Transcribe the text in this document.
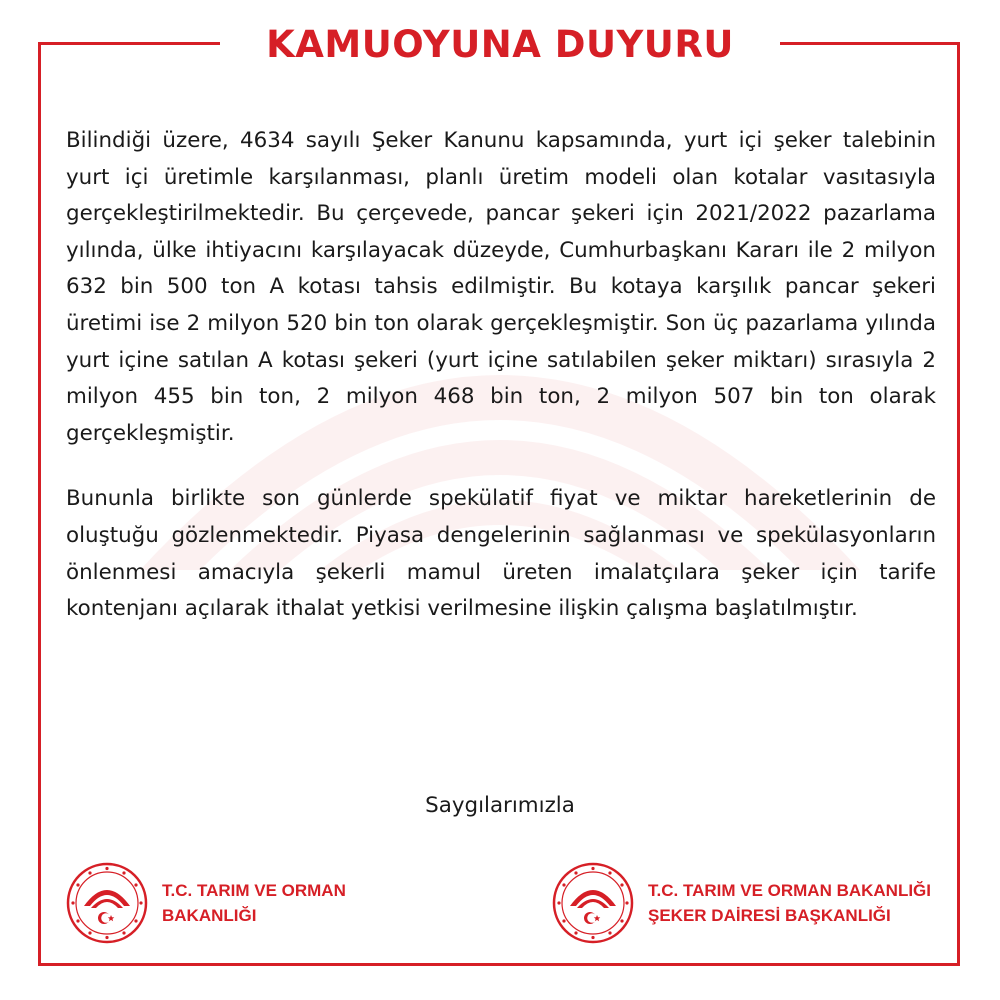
KAMUOYUNA DUYURU

Bilindiği üzere, 4634 sayılı Şeker Kanunu kapsamında, yurt içi şeker talebinin yurt içi üretimle karşılanması, planlı üretim modeli olan kotalar vasıtasıyla gerçekleştirilmektedir. Bu çerçevede, pancar şekeri için 2021/2022 pazarlama yılında, ülke ihtiyacını karşılayacak düzeyde, Cumhurbaşkanı Kararı ile 2 milyon 632 bin 500 ton A kotası tahsis edilmiştir. Bu kotaya karşılık pancar şekeri üretimi ise 2 milyon 520 bin ton olarak gerçekleşmiştir. Son üç pazarlama yılında yurt içine satılan A kotası şekeri (yurt içine satılabilen şeker miktarı) sırasıyla 2 milyon 455 bin ton, 2 milyon 468 bin ton, 2 milyon 507 bin ton olarak gerçekleşmiştir.

Bununla birlikte son günlerde spekülatif fiyat ve miktar hareketlerinin de oluştuğu gözlenmektedir. Piyasa dengelerinin sağlanması ve spekülasyonların önlenmesi amacıyla şekerli mamul üreten imalatçılara şeker için tarife kontenjanı açılarak ithalat yetkisi verilmesine ilişkin çalışma başlatılmıştır.

Saygılarımızla
T.C. TARIM VE ORMAN
BAKANLIĞI
T.C. TARIM VE ORMAN BAKANLIĞI
ŞEKER DAİRESİ BAŞKANLIĞI
